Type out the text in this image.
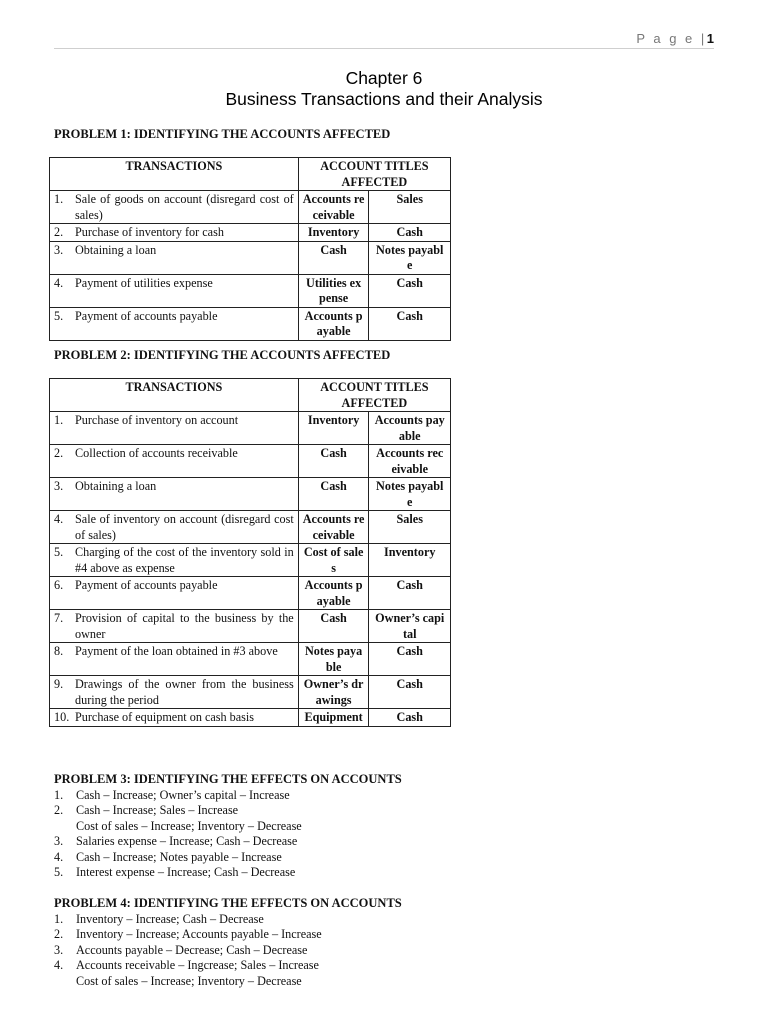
P a g e |1
Chapter 6
Business Transactions and their Analysis
PROBLEM 1: IDENTIFYING THE ACCOUNTS AFFECTED
TRANSACTIONS	ACCOUNT TITLES AFFECTED	

1. Sale of goods on account (disregard cost of sales)	Accounts receivable	Sales

2. Purchase of inventory for cash	Inventory	Cash

3. Obtaining a loan	Cash	Notes payable

4. Payment of utilities expense	Utilities expense	Cash

5. Payment of accounts payable	Accounts payable	Cash
PROBLEM 2: IDENTIFYING THE ACCOUNTS AFFECTED
TRANSACTIONS	ACCOUNT TITLES AFFECTED	

1. Purchase of inventory on account	Inventory	Accounts payable

2. Collection of accounts receivable	Cash	Accounts receivable

3. Obtaining a loan	Cash	Notes payable

4. Sale of inventory on account (disregard cost of sales)	Accounts receivable	Sales

5. Charging of the cost of the inventory sold in #4 above as expense	Cost of sales	Inventory

6. Payment of accounts payable	Accounts payable	Cash

7. Provision of capital to the business by the owner	Cash	Owner’s capital

8. Payment of the loan obtained in #3 above	Notes payable	Cash

9. Drawings of the owner from the business during the period	Owner’s drawings	Cash

10. Purchase of equipment on cash basis	Equipment	Cash
PROBLEM 3: IDENTIFYING THE EFFECTS ON ACCOUNTS
1.	Cash – Increase; Owner’s capital – Increase
2.	Cash – Increase; Sales – Increase
Cost of sales – Increase; Inventory – Decrease
3.	Salaries expense – Increase; Cash – Decrease
4.	Cash – Increase; Notes payable – Increase
5.	Interest expense – Increase; Cash – Decrease
PROBLEM 4: IDENTIFYING THE EFFECTS ON ACCOUNTS
1.	Inventory – Increase; Cash – Decrease
2.	Inventory – Increase; Accounts payable – Increase
3.	Accounts payable – Decrease; Cash – Decrease
4.	Accounts receivable – Ingcrease; Sales – Increase
Cost of sales – Increase; Inventory – Decrease
